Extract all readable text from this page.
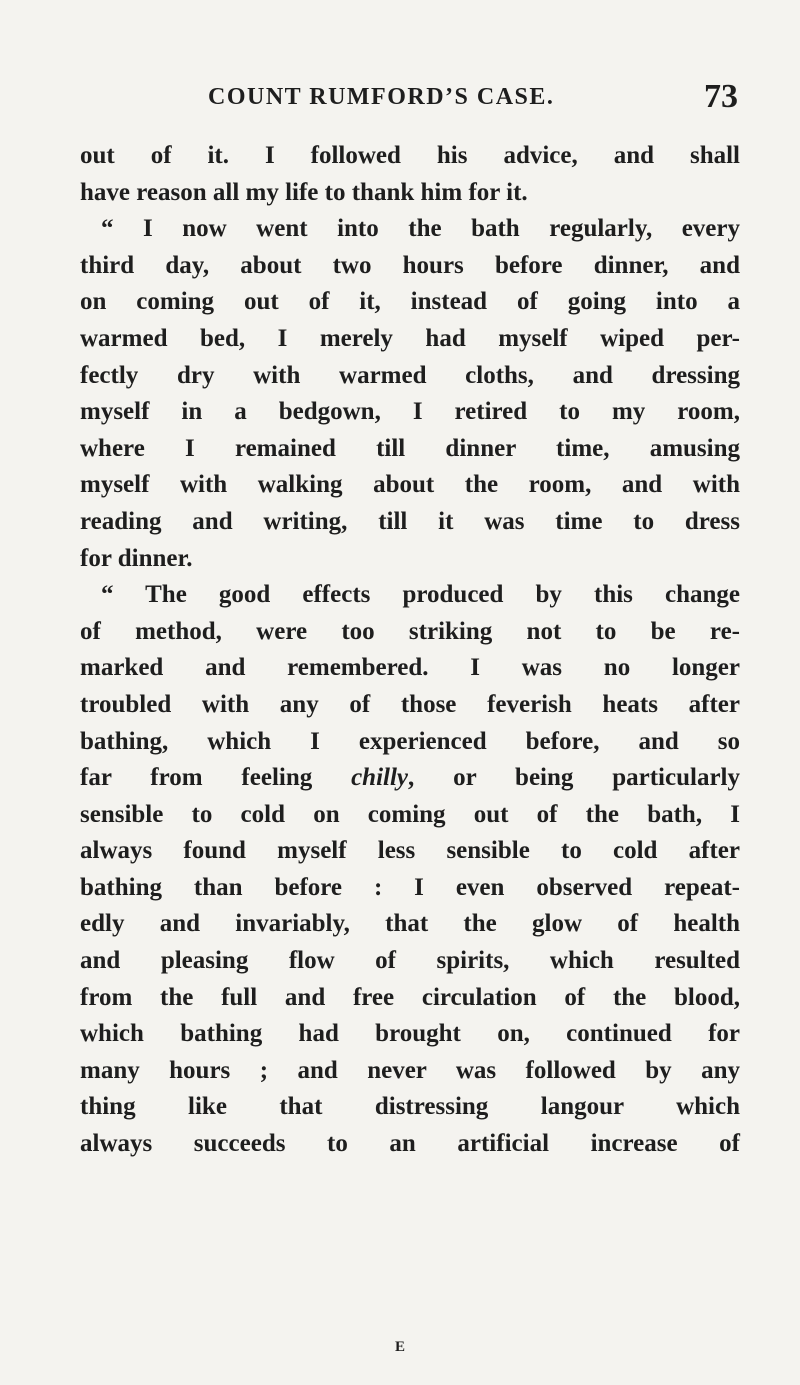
COUNT RUMFORD’S CASE.	73
out of it. I followed his advice, and shall
have reason all my life to thank him for it.
“ I now went into the bath regularly, every
third day, about two hours before dinner, and
on coming out of it, instead of going into a
warmed bed, I merely had myself wiped per-
fectly dry with warmed cloths, and dressing
myself in a bedgown, I retired to my room,
where I remained till dinner time, amusing
myself with walking about the room, and with
reading and writing, till it was time to dress
for dinner.
“ The good effects produced by this change
of method, were too striking not to be re-
marked and remembered. I was no longer
troubled with any of those feverish heats after
bathing, which I experienced before, and so
far from feeling chilly, or being particularly
sensible to cold on coming out of the bath, I
always found myself less sensible to cold after
bathing than before : I even observed repeat-
edly and invariably, that the glow of health
and pleasing flow of spirits, which resulted
from the full and free circulation of the blood,
which bathing had brought on, continued for
many hours ; and never was followed by any
thing like that distressing langour which
always succeeds to an artificial increase of
E
